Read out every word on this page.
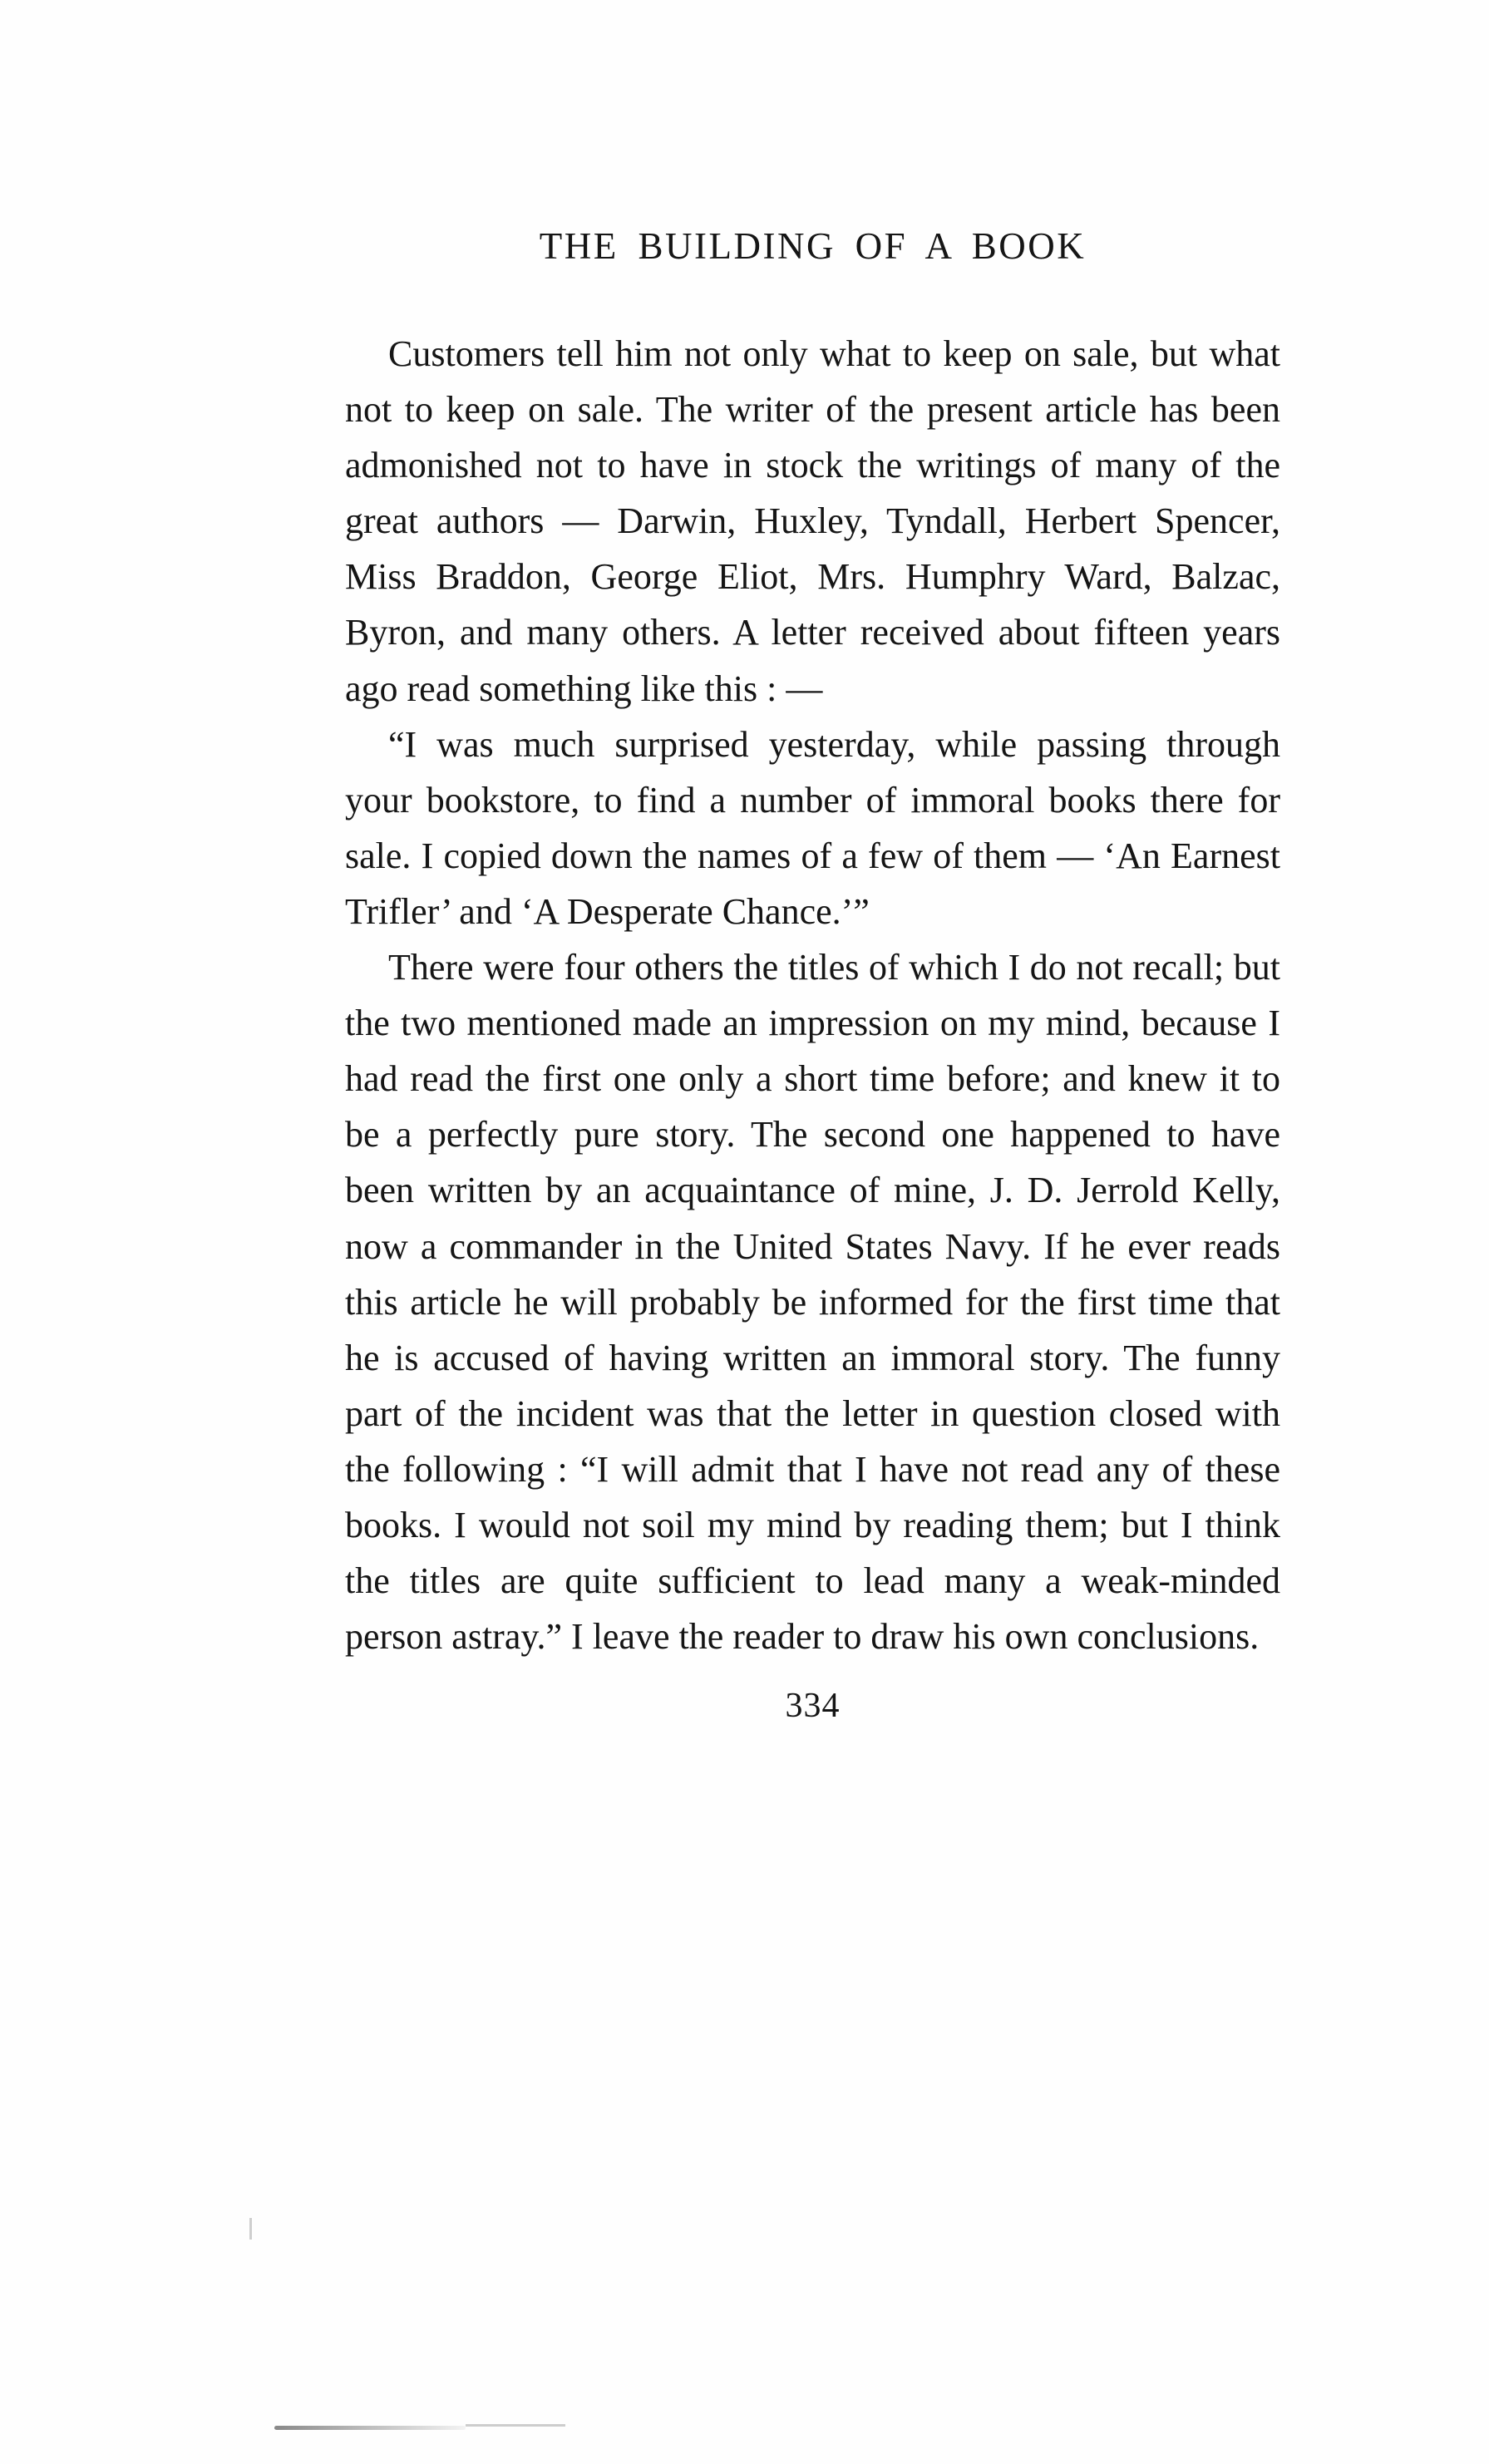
THE BUILDING OF A BOOK

Customers tell him not only what to keep on sale, but what not to keep on sale. The writer of the present article has been admonished not to have in stock the writings of many of the great authors — Darwin, Huxley, Tyndall, Herbert Spencer, Miss Braddon, George Eliot, Mrs. Humphry Ward, Balzac, Byron, and many others. A letter received about fifteen years ago read something like this : —

“I was much surprised yesterday, while passing through your bookstore, to find a number of immoral books there for sale. I copied down the names of a few of them — ‘An Earnest Trifler’ and ‘A Desperate Chance.’”

There were four others the titles of which I do not recall; but the two mentioned made an impression on my mind, because I had read the first one only a short time before; and knew it to be a perfectly pure story. The second one happened to have been written by an acquaintance of mine, J. D. Jerrold Kelly, now a commander in the United States Navy. If he ever reads this article he will probably be informed for the first time that he is accused of having written an immoral story. The funny part of the incident was that the letter in question closed with the following : “I will admit that I have not read any of these books. I would not soil my mind by reading them; but I think the titles are quite sufficient to lead many a weak-minded person astray.” I leave the reader to draw his own conclusions.

334
